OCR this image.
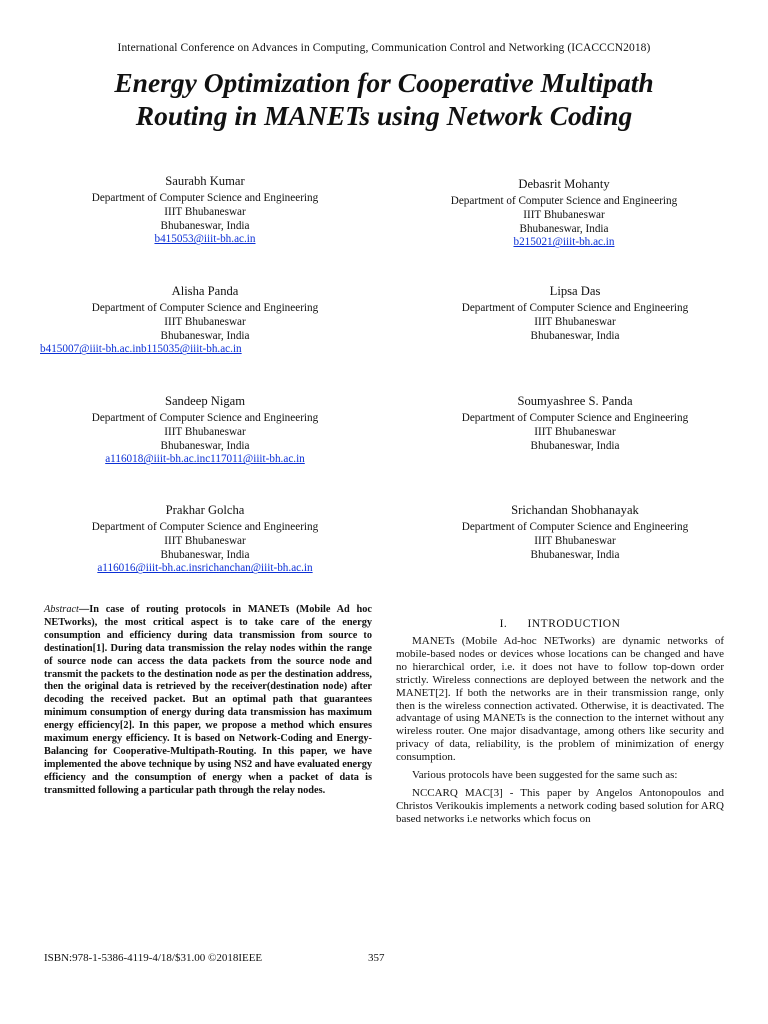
International Conference on Advances in Computing, Communication Control and Networking (ICACCCN2018)
Energy Optimization for Cooperative Multipath
Routing in MANETs using Network Coding
Saurabh Kumar
Department of Computer Science and Engineering
IIIT Bhubaneswar
Bhubaneswar, India
b415053@iiit-bh.ac.in
Debasrit Mohanty
Department of Computer Science and Engineering
IIIT Bhubaneswar
Bhubaneswar, India
b215021@iiit-bh.ac.in
Alisha Panda
Department of Computer Science and Engineering
IIIT Bhubaneswar
Bhubaneswar, India
b415007@iiit-bh.ac.inb115035@iiit-bh.ac.in
Lipsa Das
Department of Computer Science and Engineering
IIIT Bhubaneswar
Bhubaneswar, India
Sandeep Nigam
Department of Computer Science and Engineering
IIIT Bhubaneswar
Bhubaneswar, India
a116018@iiit-bh.ac.inc117011@iiit-bh.ac.in
Soumyashree S. Panda
Department of Computer Science and Engineering
IIIT Bhubaneswar
Bhubaneswar, India
Prakhar Golcha
Department of Computer Science and Engineering
IIIT Bhubaneswar
Bhubaneswar, India
a116016@iiit-bh.ac.insrichanchan@iiit-bh.ac.in
Srichandan Shobhanayak
Department of Computer Science and Engineering
IIIT Bhubaneswar
Bhubaneswar, India
Abstract—In case of routing protocols in MANETs (Mobile Ad hoc NETworks), the most critical aspect is to take care of the energy consumption and efficiency during data transmission from source to destination[1]. During data transmission the relay nodes within the range of source node can access the data packets from the source node and transmit the packets to the destination node as per the destination address, then the original data is retrieved by the receiver(destination node) after decoding the received packet. But an optimal path that guarantees minimum consumption of energy during data transmission has maximum energy efficiency[2]. In this paper, we propose a method which ensures maximum energy efficiency. It is based on Network-Coding and Energy-Balancing for Cooperative-Multipath-Routing. In this paper, we have implemented the above technique by using NS2 and have evaluated energy efficiency and the consumption of energy when a packet of data is transmitted following a particular path through the relay nodes.
I.      INTRODUCTION

MANETs (Mobile Ad-hoc NETworks) are dynamic networks of mobile-based nodes or devices whose locations can be changed and have no hierarchical order, i.e. it does not have to follow top-down order strictly. Wireless connections are deployed between the network and the MANET[2]. If both the networks are in their transmission range, only then is the wireless connection activated. Otherwise, it is deactivated. The advantage of using MANETs is the connection to the internet without any wireless router. One major disadvantage, among others like security and privacy of data, reliability, is the problem of minimization of energy consumption.

Various protocols have been suggested for the same such as:

NCCARQ MAC[3] - This paper by Angelos Antonopoulos and Christos Verikoukis implements a network coding based solution for ARQ based networks i.e networks which focus on

ISBN:978-1-5386-4119-4/18/$31.00 ©2018IEEE	357
